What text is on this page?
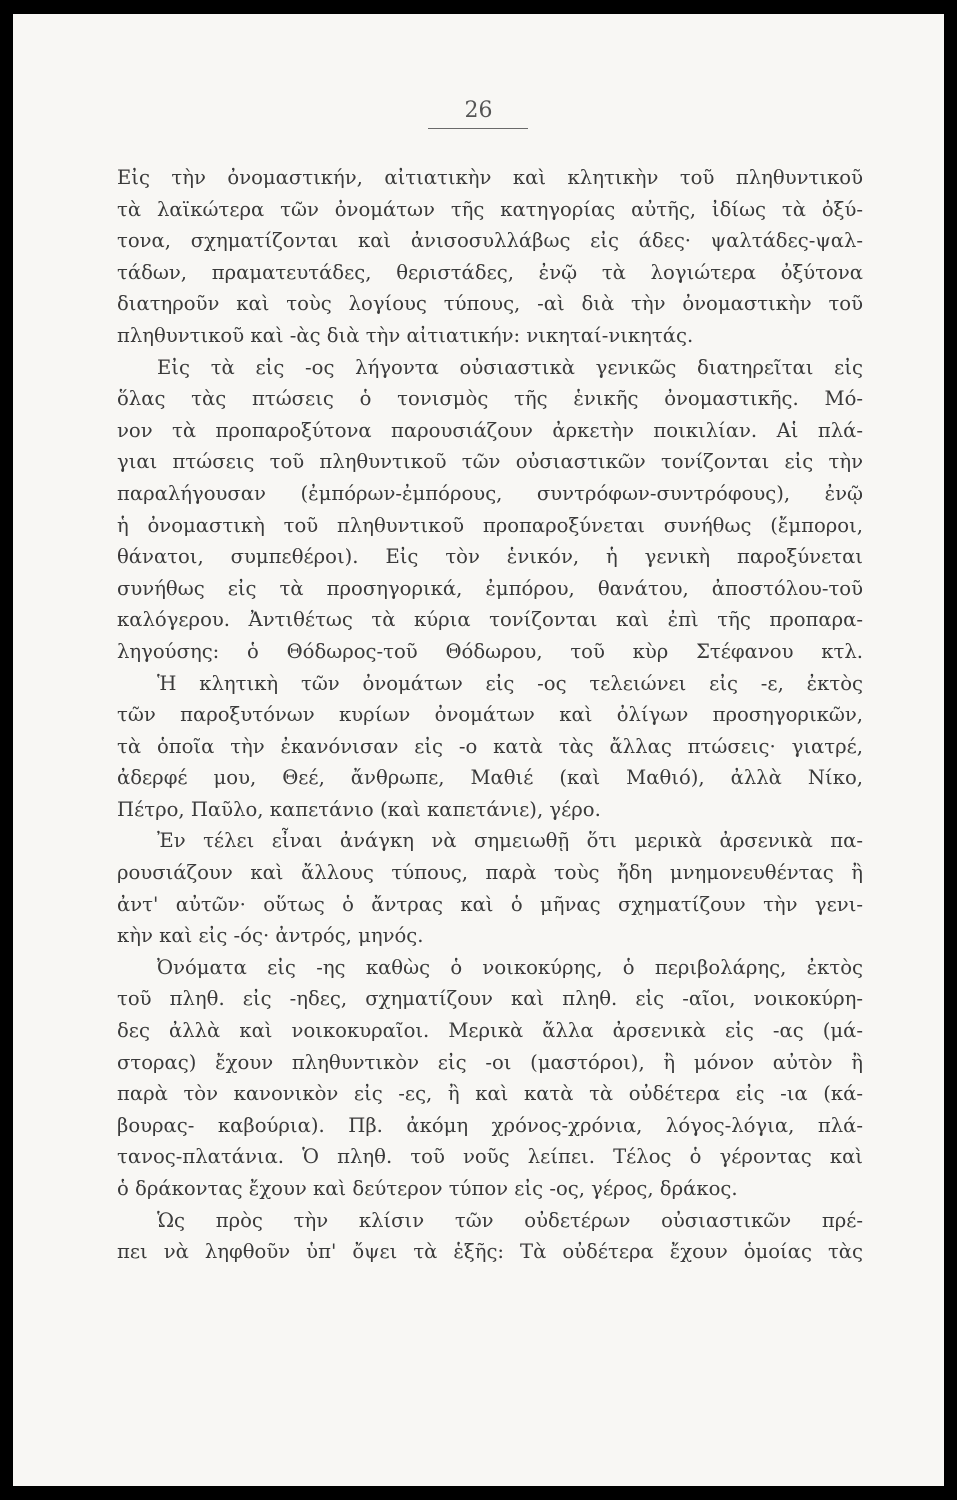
26
Εἰς τὴν ὀνομαστικήν, αἰτιατικὴν καὶ κλητικὴν τοῦ πληθυντικοῦ
τὰ λαϊκώτερα τῶν ὀνομάτων τῆς κατηγορίας αὐτῆς, ἰδίως τὰ ὀξύ-
τονα, σχηματίζονται καὶ ἀνισοσυλλάβως εἰς άδες· ψαλτάδες-ψαλ-
τάδων, πραματευτάδες, θεριστάδες, ἐνῷ τὰ λογιώτερα ὀξύτονα
διατηροῦν καὶ τοὺς λογίους τύπους, -αὶ διὰ τὴν ὀνομαστικὴν τοῦ
πληθυντικοῦ καὶ -ὰς διὰ τὴν αἰτιατικήν: νικηταί-νικητάς.
Εἰς τὰ εἰς -ος λήγοντα οὐσιαστικὰ γενικῶς διατηρεῖται εἰς
ὅλας τὰς πτώσεις ὁ τονισμὸς τῆς ἑνικῆς ὀνομαστικῆς. Μό-
νον τὰ προπαροξύτονα παρουσιάζουν ἀρκετὴν ποικιλίαν. Αἱ πλά-
γιαι πτώσεις τοῦ πληθυντικοῦ τῶν οὐσιαστικῶν τονίζονται εἰς τὴν
παραλήγουσαν (ἐμπόρων-ἐμπόρους, συντρόφων-συντρόφους), ἐνῷ
ἡ ὀνομαστικὴ τοῦ πληθυντικοῦ προπαροξύνεται συνήθως (ἔμποροι,
θάνατοι, συμπεθέροι). Εἰς τὸν ἑνικόν, ἡ γενικὴ παροξύνεται
συνήθως εἰς τὰ προσηγορικά, ἐμπόρου, θανάτου, ἀποστόλου-τοῦ
καλόγερου. Ἀντιθέτως τὰ κύρια τονίζονται καὶ ἐπὶ τῆς προπαρα-
ληγούσης: ὁ Θόδωρος-τοῦ Θόδωρου, τοῦ κὺρ Στέφανου κτλ.
Ἡ κλητικὴ τῶν ὀνομάτων εἰς -ος τελειώνει εἰς -ε, ἐκτὸς
τῶν παροξυτόνων κυρίων ὀνομάτων καὶ ὀλίγων προσηγορικῶν,
τὰ ὁποῖα τὴν ἐκανόνισαν εἰς -ο κατὰ τὰς ἄλλας πτώσεις· γιατρέ,
ἀδερφέ μου, Θεέ, ἄνθρωπε, Μαθιέ (καὶ Μαθιό), ἀλλὰ Νίκο,
Πέτρο, Παῦλο, καπετάνιο (καὶ καπετάνιε), γέρο.
Ἐν τέλει εἶναι ἀνάγκη νὰ σημειωθῇ ὅτι μερικὰ ἀρσενικὰ πα-
ρουσιάζουν καὶ ἄλλους τύπους, παρὰ τοὺς ἤδη μνημονευθέντας ἢ
ἀντ' αὐτῶν· οὕτως ὁ ἄντρας καὶ ὁ μῆνας σχηματίζουν τὴν γενι-
κὴν καὶ εἰς -ός· ἀντρός, μηνός.
Ὀνόματα εἰς -ης καθὼς ὁ νοικοκύρης, ὁ περιβολάρης, ἐκτὸς
τοῦ πληθ. εἰς -ηδες, σχηματίζουν καὶ πληθ. εἰς -αῖοι, νοικοκύρη-
δες ἀλλὰ καὶ νοικοκυραῖοι. Μερικὰ ἄλλα ἀρσενικὰ εἰς -ας (μά-
στορας) ἔχουν πληθυντικὸν εἰς -οι (μαστόροι), ἢ μόνον αὐτὸν ἢ
παρὰ τὸν κανονικὸν εἰς -ες, ἢ καὶ κατὰ τὰ οὐδέτερα εἰς -ια (κά-
βουρας- καβούρια). Πβ. ἀκόμη χρόνος-χρόνια, λόγος-λόγια, πλά-
τανος-πλατάνια. Ὁ πληθ. τοῦ νοῦς λείπει. Τέλος ὁ γέροντας καὶ
ὁ δράκοντας ἔχουν καὶ δεύτερον τύπον εἰς -ος, γέρος, δράκος.
Ὡς πρὸς τὴν κλίσιν τῶν οὐδετέρων οὐσιαστικῶν πρέ-
πει νὰ ληφθοῦν ὑπ' ὄψει τὰ ἑξῆς: Τὰ οὐδέτερα ἔχουν ὁμοίας τὰς
